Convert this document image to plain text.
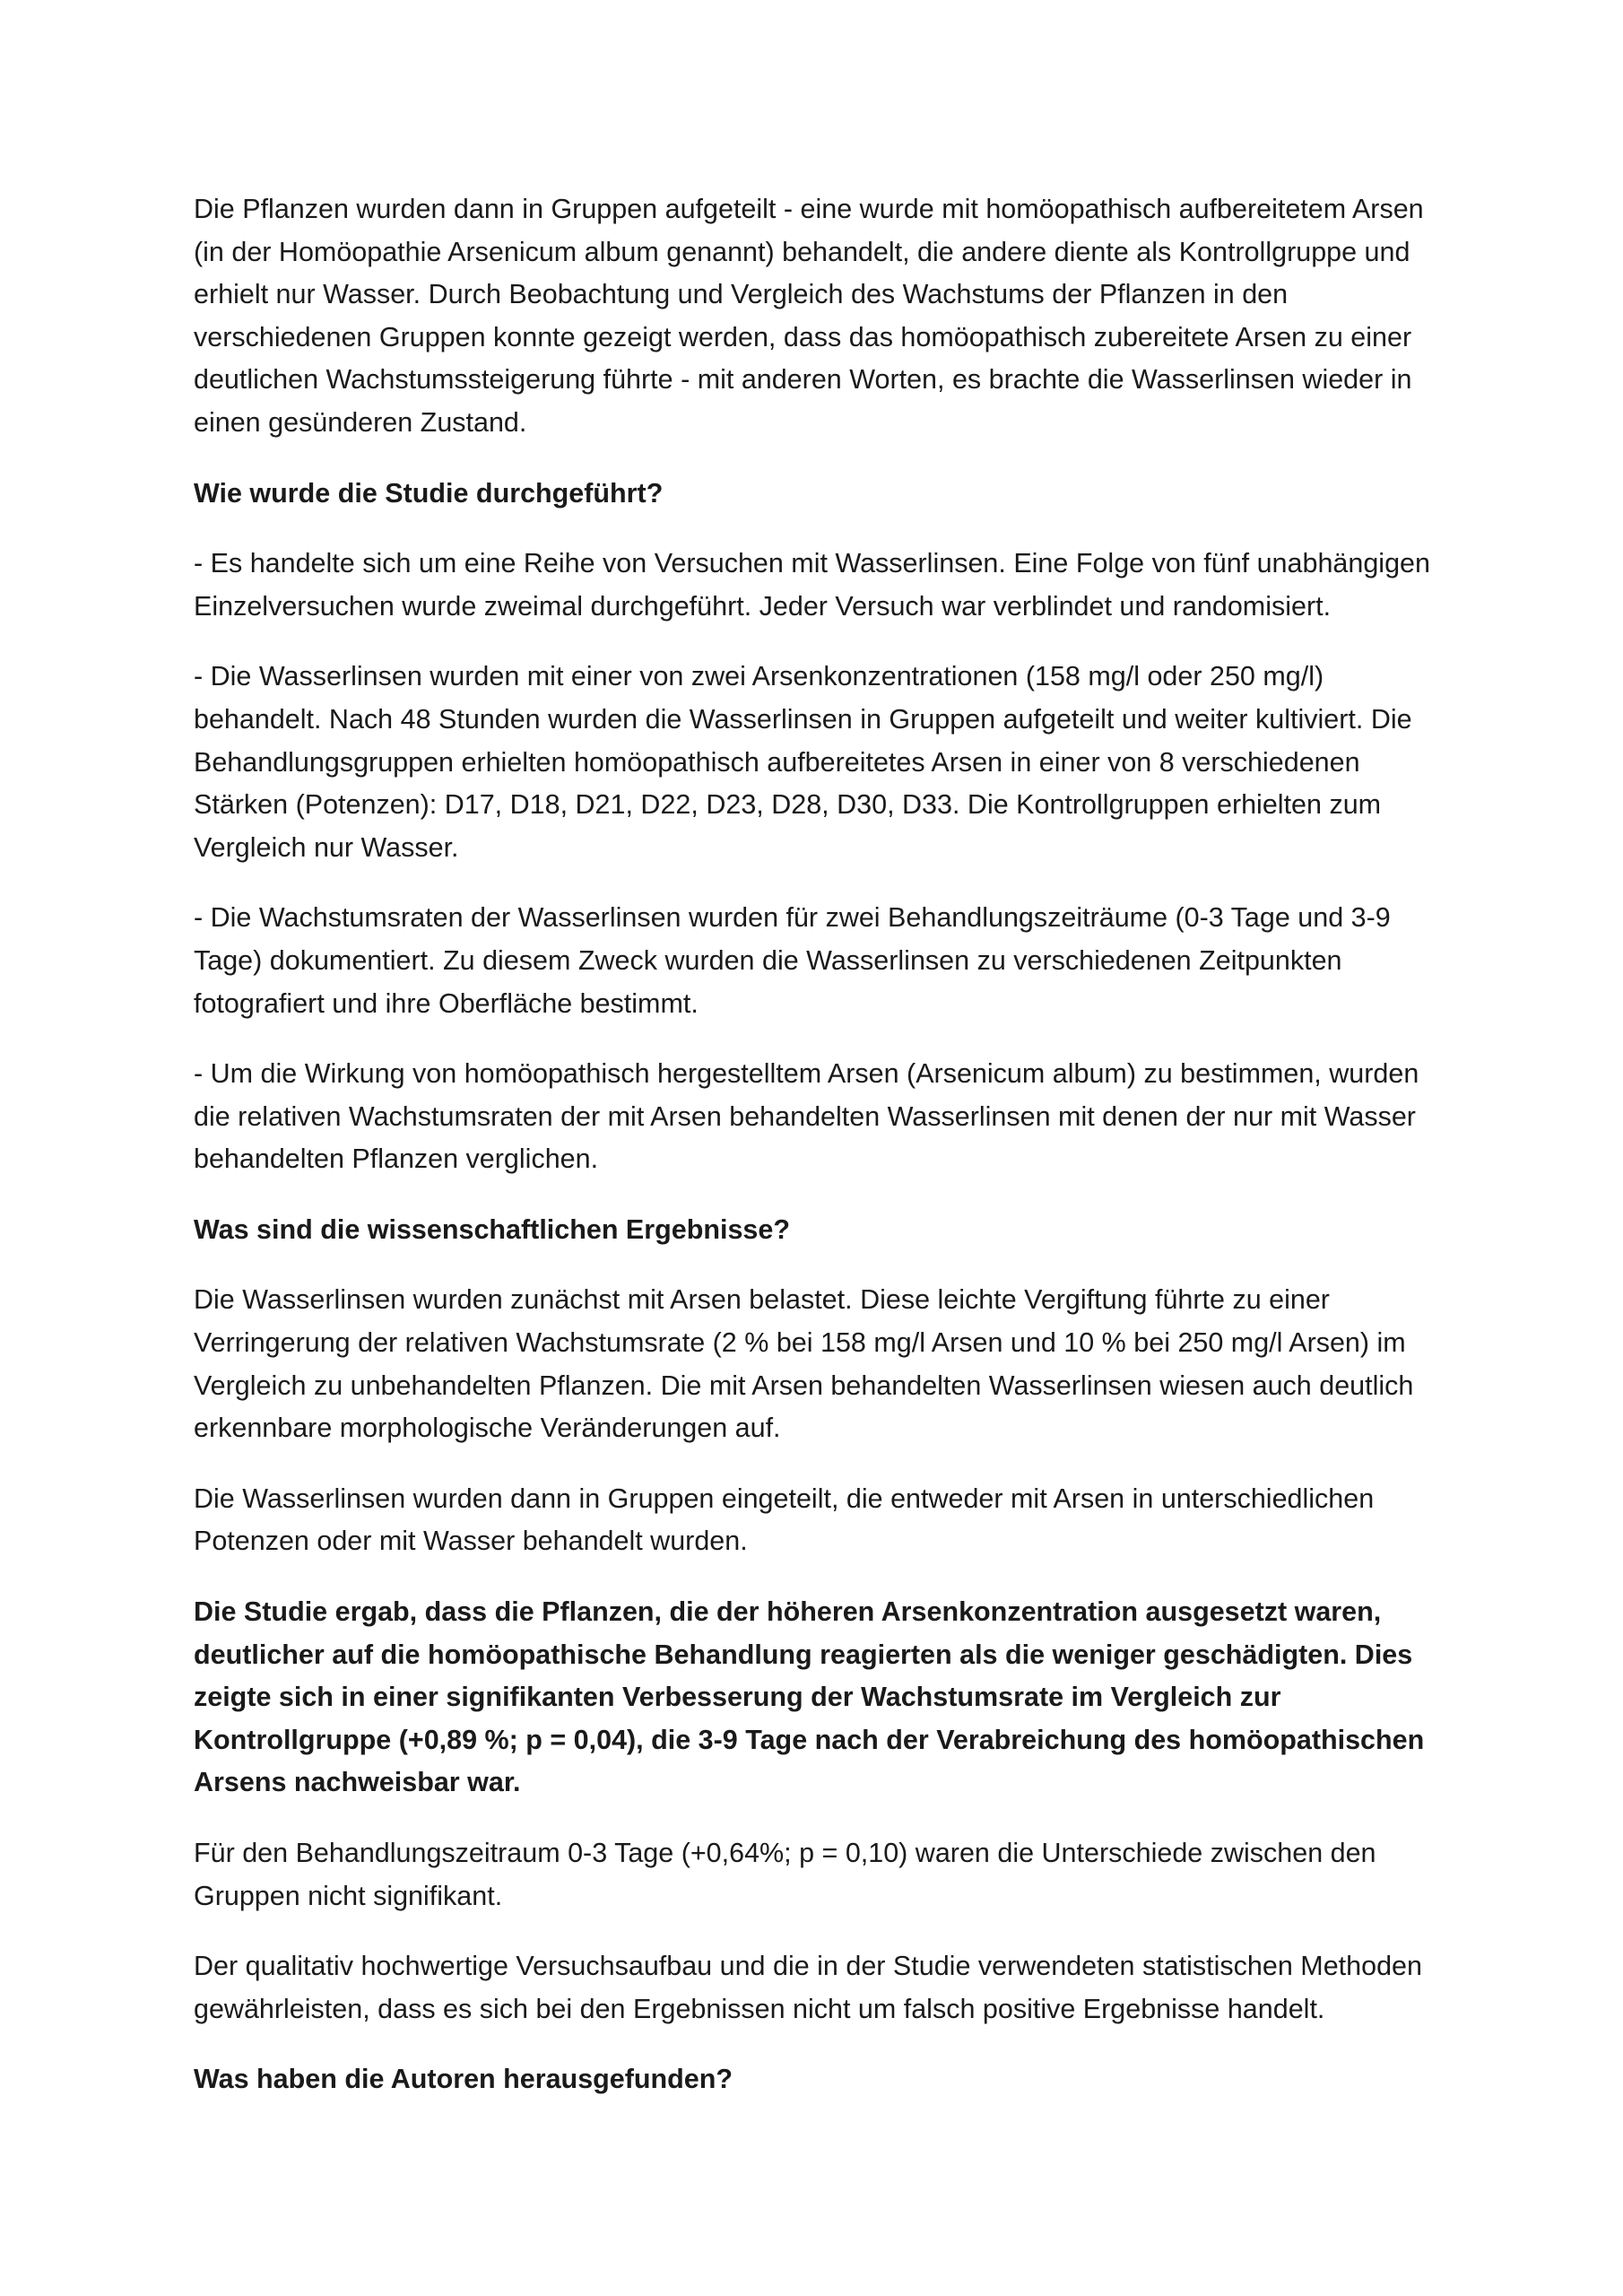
Die Pflanzen wurden dann in Gruppen aufgeteilt - eine wurde mit homöopathisch aufbereitetem Arsen (in der Homöopathie Arsenicum album genannt) behandelt, die andere diente als Kontrollgruppe und erhielt nur Wasser. Durch Beobachtung und Vergleich des Wachstums der Pflanzen in den verschiedenen Gruppen konnte gezeigt werden, dass das homöopathisch zubereitete Arsen zu einer deutlichen Wachstumssteigerung führte - mit anderen Worten, es brachte die Wasserlinsen wieder in einen gesünderen Zustand.

Wie wurde die Studie durchgeführt?

- Es handelte sich um eine Reihe von Versuchen mit Wasserlinsen. Eine Folge von fünf unabhängigen Einzelversuchen wurde zweimal durchgeführt. Jeder Versuch war verblindet und randomisiert.

- Die Wasserlinsen wurden mit einer von zwei Arsenkonzentrationen (158 mg/l oder 250 mg/l) behandelt. Nach 48 Stunden wurden die Wasserlinsen in Gruppen aufgeteilt und weiter kultiviert. Die Behandlungsgruppen erhielten homöopathisch aufbereitetes Arsen in einer von 8 verschiedenen Stärken (Potenzen): D17, D18, D21, D22, D23, D28, D30, D33. Die Kontrollgruppen erhielten zum Vergleich nur Wasser.

- Die Wachstumsraten der Wasserlinsen wurden für zwei Behandlungszeiträume (0-3 Tage und 3-9 Tage) dokumentiert. Zu diesem Zweck wurden die Wasserlinsen zu verschiedenen Zeitpunkten fotografiert und ihre Oberfläche bestimmt.

- Um die Wirkung von homöopathisch hergestelltem Arsen (Arsenicum album) zu bestimmen, wurden die relativen Wachstumsraten der mit Arsen behandelten Wasserlinsen mit denen der nur mit Wasser behandelten Pflanzen verglichen.

Was sind die wissenschaftlichen Ergebnisse?

Die Wasserlinsen wurden zunächst mit Arsen belastet. Diese leichte Vergiftung führte zu einer Verringerung der relativen Wachstumsrate (2 % bei 158 mg/l Arsen und 10 % bei 250 mg/l Arsen) im Vergleich zu unbehandelten Pflanzen. Die mit Arsen behandelten Wasserlinsen wiesen auch deutlich erkennbare morphologische Veränderungen auf.

Die Wasserlinsen wurden dann in Gruppen eingeteilt, die entweder mit Arsen in unterschiedlichen Potenzen oder mit Wasser behandelt wurden.

Die Studie ergab, dass die Pflanzen, die der höheren Arsenkonzentration ausgesetzt waren, deutlicher auf die homöopathische Behandlung reagierten als die weniger geschädigten. Dies zeigte sich in einer signifikanten Verbesserung der Wachstumsrate im Vergleich zur Kontrollgruppe (+0,89 %; p = 0,04), die 3-9 Tage nach der Verabreichung des homöopathischen Arsens nachweisbar war.

Für den Behandlungszeitraum 0-3 Tage (+0,64%; p = 0,10) waren die Unterschiede zwischen den Gruppen nicht signifikant.

Der qualitativ hochwertige Versuchsaufbau und die in der Studie verwendeten statistischen Methoden gewährleisten, dass es sich bei den Ergebnissen nicht um falsch positive Ergebnisse handelt.

Was haben die Autoren herausgefunden?
